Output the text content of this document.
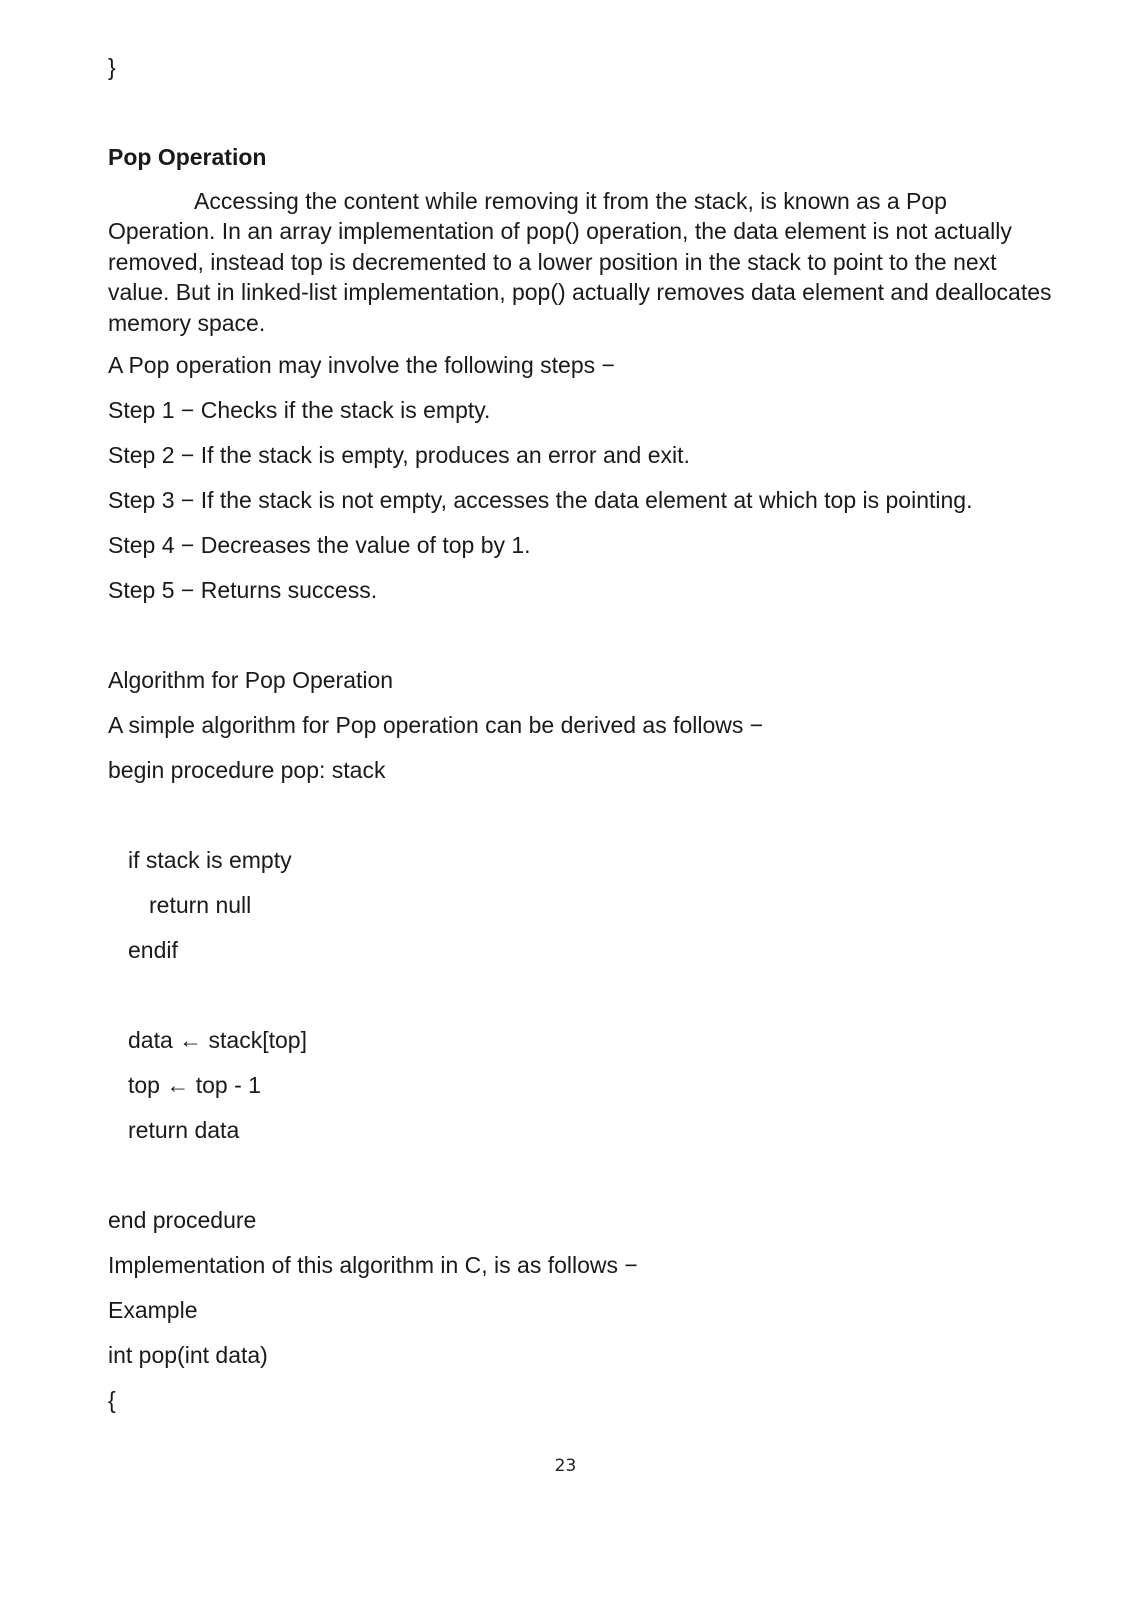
}
Pop Operation
Accessing the content while removing it from the stack, is known as a Pop Operation. In an array implementation of pop() operation, the data element is not actually removed, instead top is decremented to a lower position in the stack to point to the next value. But in linked-list implementation, pop() actually removes data element and deallocates memory space.
A Pop operation may involve the following steps −
Step 1 − Checks if the stack is empty.
Step 2 − If the stack is empty, produces an error and exit.
Step 3 − If the stack is not empty, accesses the data element at which top is pointing.
Step 4 − Decreases the value of top by 1.
Step 5 − Returns success.
Algorithm for Pop Operation
A simple algorithm for Pop operation can be derived as follows −
begin procedure pop: stack
if stack is empty
return null
endif
data ← stack[top]
top ← top - 1
return data
end procedure
Implementation of this algorithm in C, is as follows −
Example
int pop(int data)
{
23
